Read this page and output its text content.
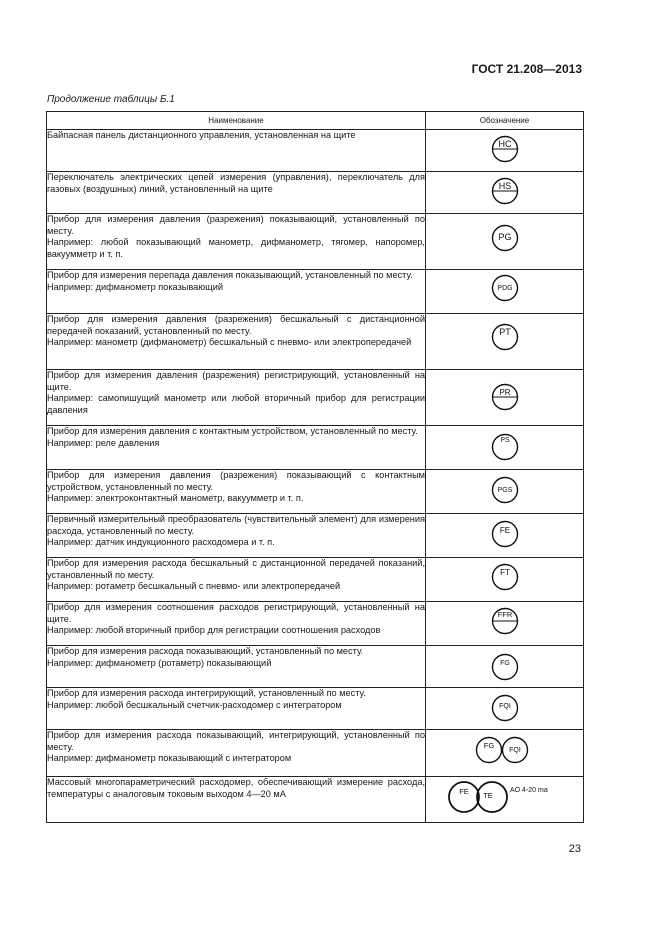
ГОСТ 21.208—2013
Продолжение таблицы Б.1
Наименование	Обозначение
Байпасная панель дистанционного управления, установленная на щите	HC

Переключатель электрических цепей измерения (управления), переключатель для газовых (воздушных) линий, установленный на щите	HS

Прибор для измерения давления (разрежения) показывающий, установленный по месту.
Например: любой показывающий манометр, дифманометр, тягомер, напоромер, вакуумметр и т. п.	PG

Прибор для измерения перепада давления показывающий, установленный по месту.
Например: дифманометр показывающий	PDG

Прибор для измерения давления (разрежения) бесшкальный с дистанционной передачей показаний, установленный по месту.
Например: манометр (дифманометр) бесшкальный с пневмо- или электропередачей	PT

Прибор для измерения давления (разрежения) регистрирующий, установленный на щите.
Например: самопишущий манометр или любой вторичный прибор для регистрации давления	PR

Прибор для измерения давления с контактным устройством, установленный по месту.
Например: реле давления	PS

Прибор для измерения давления (разрежения) показывающий с контактным устройством, установленный по месту.
Например: электроконтактный манометр, вакуумметр и т. п.	PGS

Первичный измерительный преобразователь (чувствительный элемент) для измерения расхода, установленный по месту.
Например: датчик индукционного расходомера и т. п.	FE

Прибор для измерения расхода бесшкальный с дистанционной передачей показаний, установленный по месту.
Например: ротаметр бесшкальный с пневмо- или электропередачей	FT

Прибор для измерения соотношения расходов регистрирующий, установленный на щите.
Например: любой вторичный прибор для регистрации соотношения расходов	FFR

Прибор для измерения расхода показывающий, установленный по месту.
Например: дифманометр (ротаметр) показывающий	FG

Прибор для измерения расхода интегрирующий, установленный по месту.
Например: любой бесшкальный счетчик-расходомер с интегратором	FQI

Прибор для измерения расхода показывающий, интегрирующий, установленный по месту.
Например: дифманометр показывающий с интегратором	FG
FQI

Массовый многопараметрический расходомер, обеспечивающий измерение расхода, температуры с аналоговым токовым выходом 4—20 мА	FE TE
AO 4-20 ma
23
